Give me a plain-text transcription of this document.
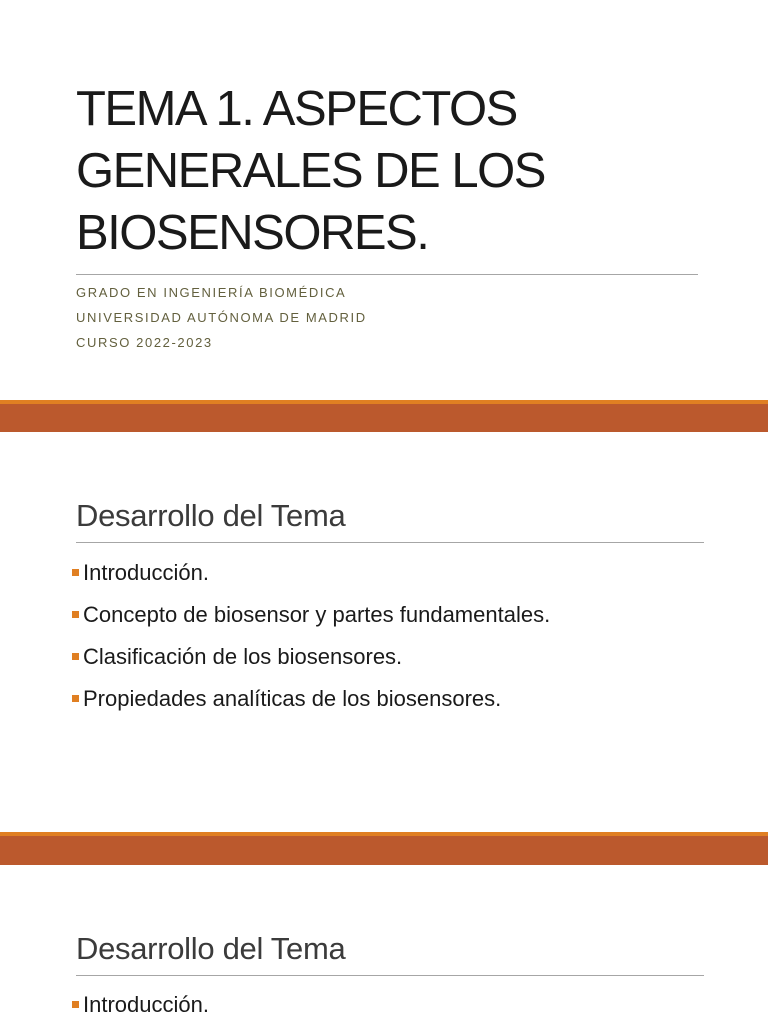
TEMA 1. ASPECTOS GENERALES DE LOS BIOSENSORES.
GRADO EN INGENIERÍA BIOMÉDICA
UNIVERSIDAD AUTÓNOMA DE MADRID
CURSO 2022-2023
Desarrollo del Tema
Introducción.
Concepto de biosensor y partes fundamentales.
Clasificación de los biosensores.
Propiedades analíticas de los biosensores.
Desarrollo del Tema
Introducción.
